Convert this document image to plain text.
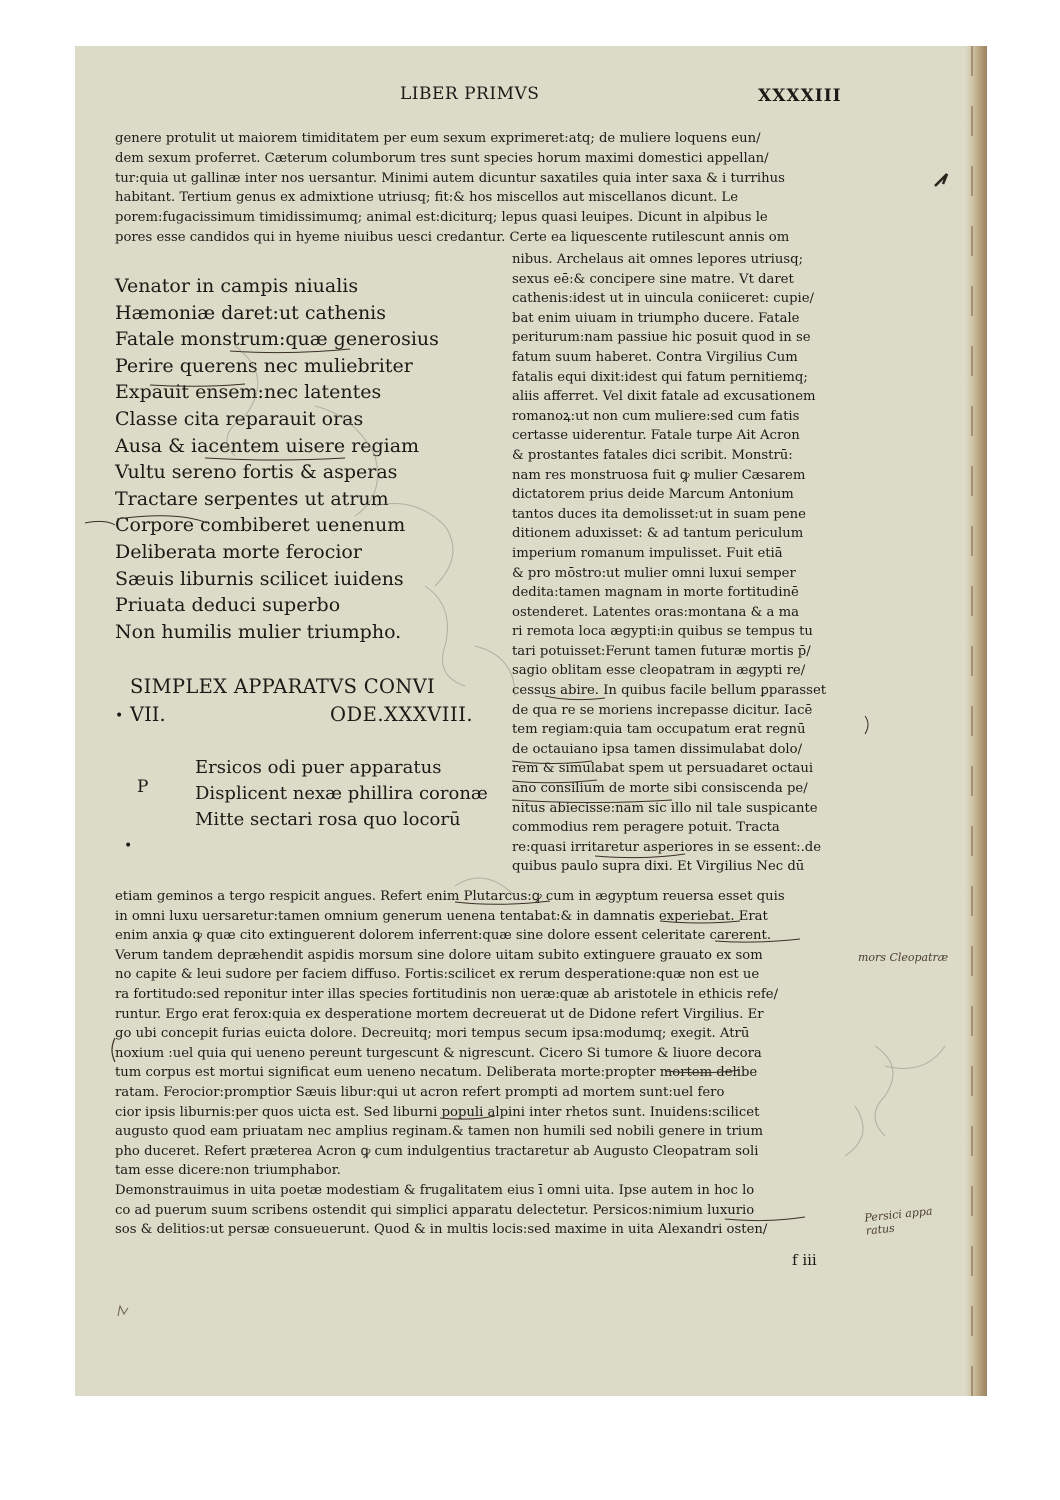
LIBER PRIMVS	XXXXIII
genere protulit ut maiorem timiditatem per eum sexum exprimeret:atq; de muliere loquens eun/
dem sexum proferret. Cæterum columborum tres sunt species horum maximi domestici appellan/
tur:quia ut gallinæ inter nos uersantur. Minimi autem dicuntur saxatiles quia inter saxa & i turrihus
habitant. Tertium genus ex admixtione utriusq; fit:& hos miscellos aut miscellanos dicunt. Le
porem:fugacissimum timidissimumq; animal est:diciturq; lepus quasi leuipes. Dicunt in alpibus le
pores esse candidos qui in hyeme niuibus uesci credantur. Certe ea liquescente rutilescunt annis om
Venator in campis niualis
Hæmoniæ daret:ut cathenis
Fatale monstrum:quæ generosius
Perire querens nec muliebriter
Expauit ensem:nec latentes
Classe cita reparauit oras
Ausa & iacentem uisere regiam
Vultu sereno fortis & asperas
Tractare serpentes ut atrum
Corpore combiberet uenenum
Deliberata morte ferocior
Sæuis liburnis scilicet iuidens
Priuata deduci superbo
Non humilis mulier triumpho.
nibus. Archelaus ait omnes lepores utriusq;
sexus eē:& concipere sine matre. Vt daret
cathenis:idest ut in uincula coniiceret: cupie/
bat enim uiuam in triumpho ducere. Fatale
periturum:nam passiue hic posuit quod in se
fatum suum haberet. Contra Virgilius Cum
fatalis equi dixit:idest qui fatum pernitiemq;
aliis afferret. Vel dixit fatale ad excusationem
romanoꝝ:ut non cum muliere:sed cum fatis
certasse uiderentur. Fatale turpe Ait Acron
& prostantes fatales dici scribit. Monstrū:
nam res monstruosa fuit ꝙ mulier Cæsarem
dictatorem prius deide Marcum Antonium
tantos duces ita demolisset:ut in suam pene
ditionem aduxisset: & ad tantum periculum
imperium romanum impulisset. Fuit etiā
& pro mōstro:ut mulier omni luxui semper
dedita:tamen magnam in morte fortitudinē
ostenderet. Latentes oras:montana & a ma
ri remota loca ægypti:in quibus se tempus tu
tari potuisset:Ferunt tamen futuræ mortis p̄/
sagio oblitam esse cleopatram in ægypti re/
cessus abire. In quibus facile bellum ꝑparasset
de qua re se moriens increpasse dicitur. Iacē
tem regiam:quia tam occupatum erat regnū
de octauiano ipsa tamen dissimulabat dolo/
rem & simulabat spem ut persuadaret octaui
ano consilium de morte sibi consiscenda pe/
nitus abiecisse:nam sic illo nil tale suspicante
commodius rem peragere potuit. Tracta
re:quasi irritaretur asperiores in se essent:.de
quibus paulo supra dixi. Et Virgilius Nec dū
SIMPLEX APPARATVS CONVI
• VII.	ODE.XXXVIII.
P
•
Ersicos odi puer apparatus
Displicent nexæ phillira coronæ
Mitte sectari rosa quo locorū
etiam geminos a tergo respicit angues. Refert enim Plutarcus:ꝙ cum in ægyptum reuersa esset quis
in omni luxu uersaretur:tamen omnium generum uenena tentabat:& in damnatis experiebat. Erat
enim anxia ꝙ quæ cito extinguerent dolorem inferrent:quæ sine dolore essent celeritate carerent.
Verum tandem depræhendit aspidis morsum sine dolore uitam subito extinguere grauato ex som
no capite & leui sudore per faciem diffuso. Fortis:scilicet ex rerum desperatione:quæ non est ue
ra fortitudo:sed reponitur inter illas species fortitudinis non ueræ:quæ ab aristotele in ethicis refe/
runtur. Ergo erat ferox:quia ex desperatione mortem decreuerat ut de Didone refert Virgilius. Er
go ubi concepit furias euicta dolore. Decreuitq; mori tempus secum ipsa:modumq; exegit. Atrū
noxium :uel quia qui ueneno pereunt turgescunt & nigrescunt. Cicero Si tumore & liuore decora
tum corpus est mortui significat eum ueneno necatum. Deliberata morte:propter mortem delibe
ratam. Ferocior:promptior Sæuis libur:qui ut acron refert prompti ad mortem sunt:uel fero
cior ipsis liburnis:per quos uicta est. Sed liburni populi alpini inter rhetos sunt. Inuidens:scilicet
augusto quod eam priuatam nec amplius reginam.& tamen non humili sed nobili genere in trium
pho duceret. Refert præterea Acron ꝙ cum indulgentius tractaretur ab Augusto Cleopatram soli
tam esse dicere:non triumphabor.
Demonstrauimus in uita poetæ modestiam & frugalitatem eius ī omni uita. Ipse autem in hoc lo
co ad puerum suum scribens ostendit qui simplici apparatu delectetur. Persicos:nimium luxurio
sos & delitios:ut persæ consueuerunt. Quod & in multis locis:sed maxime in uita Alexandri osten/
f iii
mors Cleopatræ
Persici appa
ratus
